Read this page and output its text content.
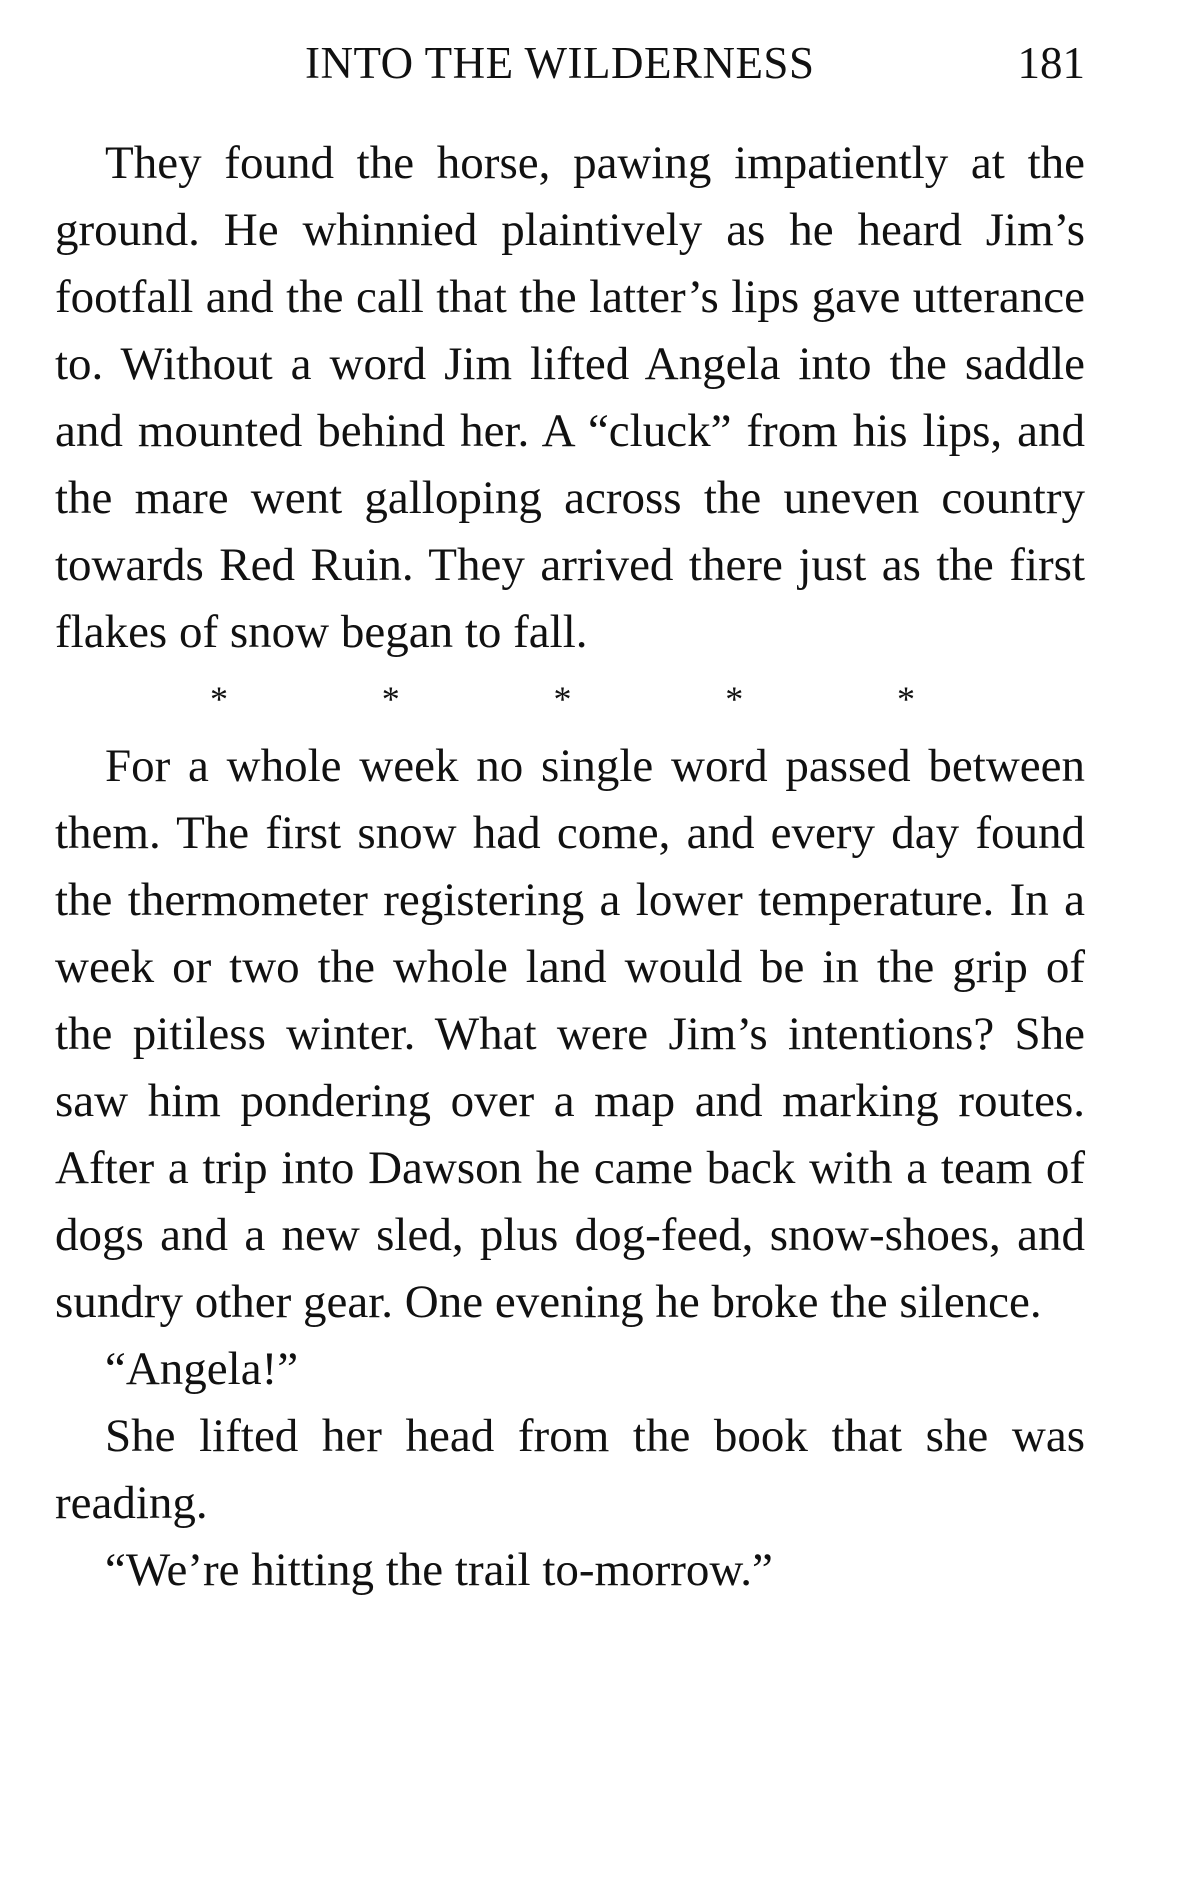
INTO THE WILDERNESS	181

They found the horse, pawing impatiently at the ground. He whinnied plaintively as he heard Jim’s footfall and the call that the latter’s lips gave utterance to. Without a word Jim lifted Angela into the saddle and mounted behind her. A “cluck” from his lips, and the mare went galloping across the uneven country towards Red Ruin. They arrived there just as the first flakes of snow began to fall.

*	*	*	*	*

For a whole week no single word passed between them. The first snow had come, and every day found the thermometer registering a lower temperature. In a week or two the whole land would be in the grip of the pitiless winter. What were Jim’s intentions? She saw him pondering over a map and marking routes. After a trip into Dawson he came back with a team of dogs and a new sled, plus dog-feed, snow-shoes, and sundry other gear. One evening he broke the silence.

“Angela!”

She lifted her head from the book that she was reading.

“We’re hitting the trail to-morrow.”
